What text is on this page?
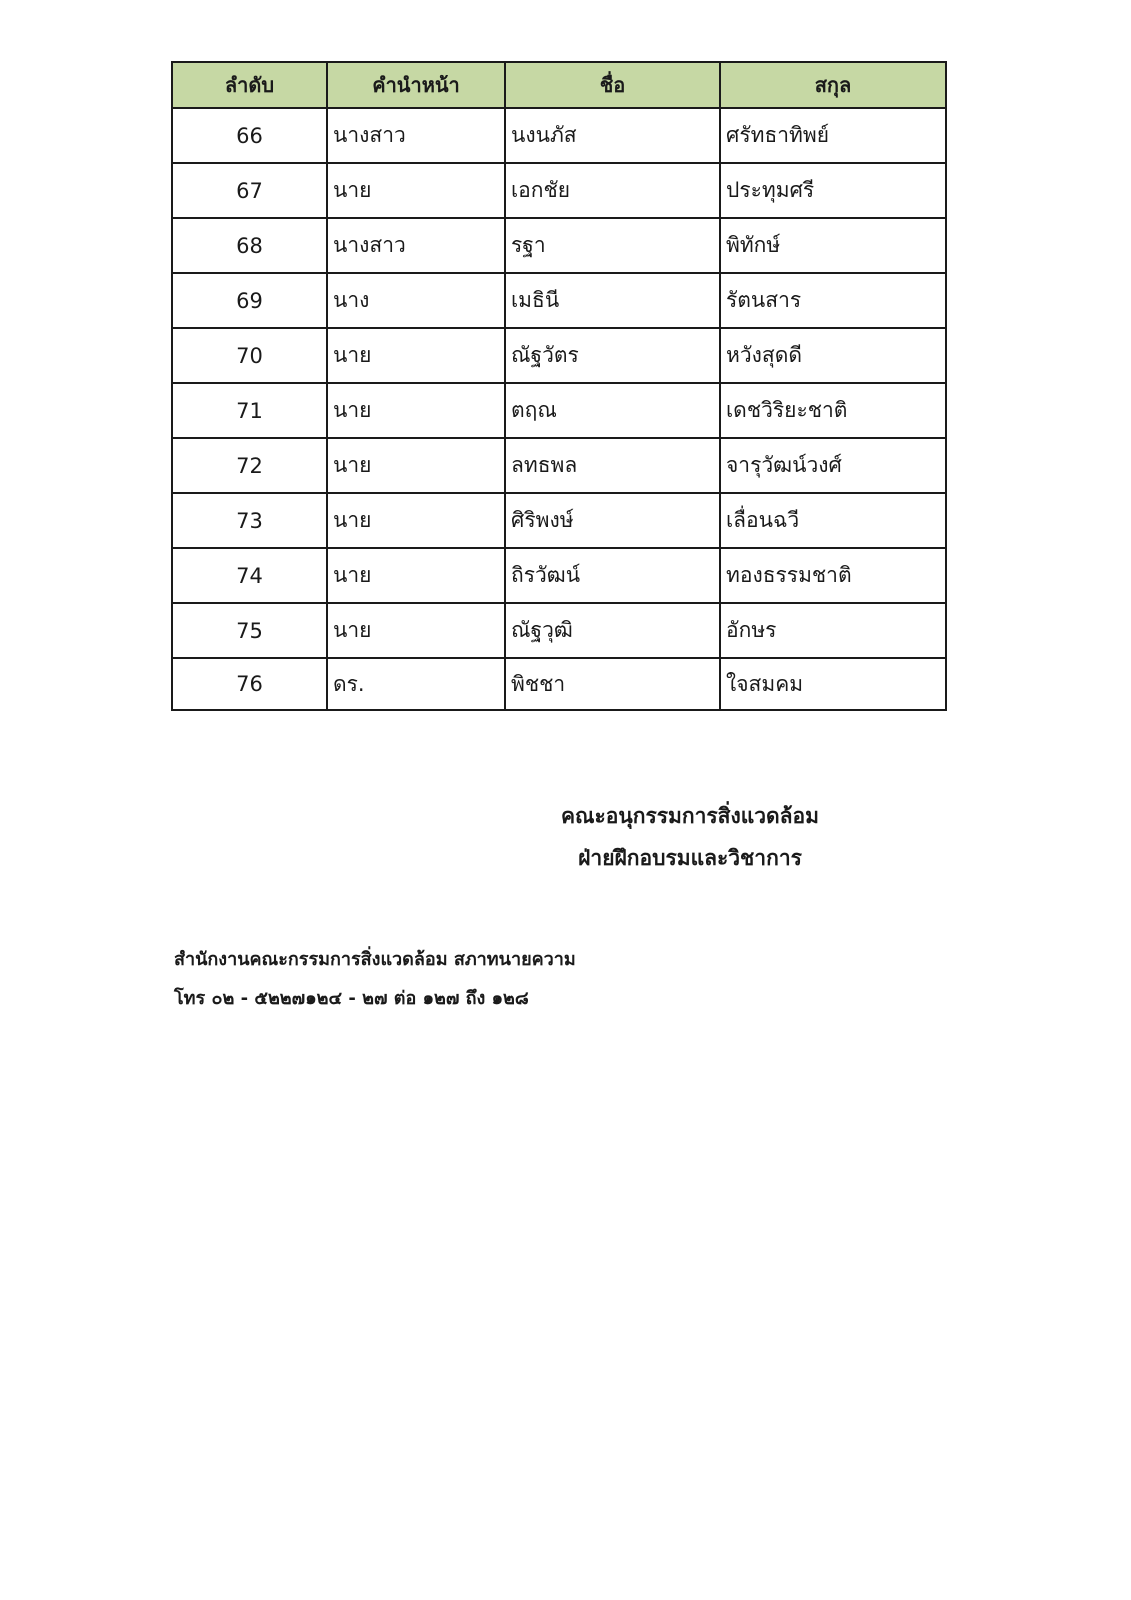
ลำดับ	คำนำหน้า	ชื่อ	สกุล
66	นางสาว	นงนภัส	ศรัทธาทิพย์
67	นาย	เอกชัย	ประทุมศรี
68	นางสาว	รฐา	พิทักษ์
69	นาง	เมธินี	รัตนสาร
70	นาย	ณัฐวัตร	หวังสุดดี
71	นาย	ตฤณ	เดชวิริยะชาติ
72	นาย	ลทธพล	จารุวัฒน์วงศ์
73	นาย	ศิริพงษ์	เลื่อนฉวี
74	นาย	ถิรวัฒน์	ทองธรรมชาติ
75	นาย	ณัฐวุฒิ	อักษร
76	ดร.	พิชชา	ใจสมคม
คณะอนุกรรมการสิ่งแวดล้อม
ฝ่ายฝึกอบรมและวิชาการ
สำนักงานคณะกรรมการสิ่งแวดล้อม สภาทนายความ
โทร ๐๒ - ๕๒๒๗๑๒๔ - ๒๗ ต่อ ๑๒๗ ถึง ๑๒๘
